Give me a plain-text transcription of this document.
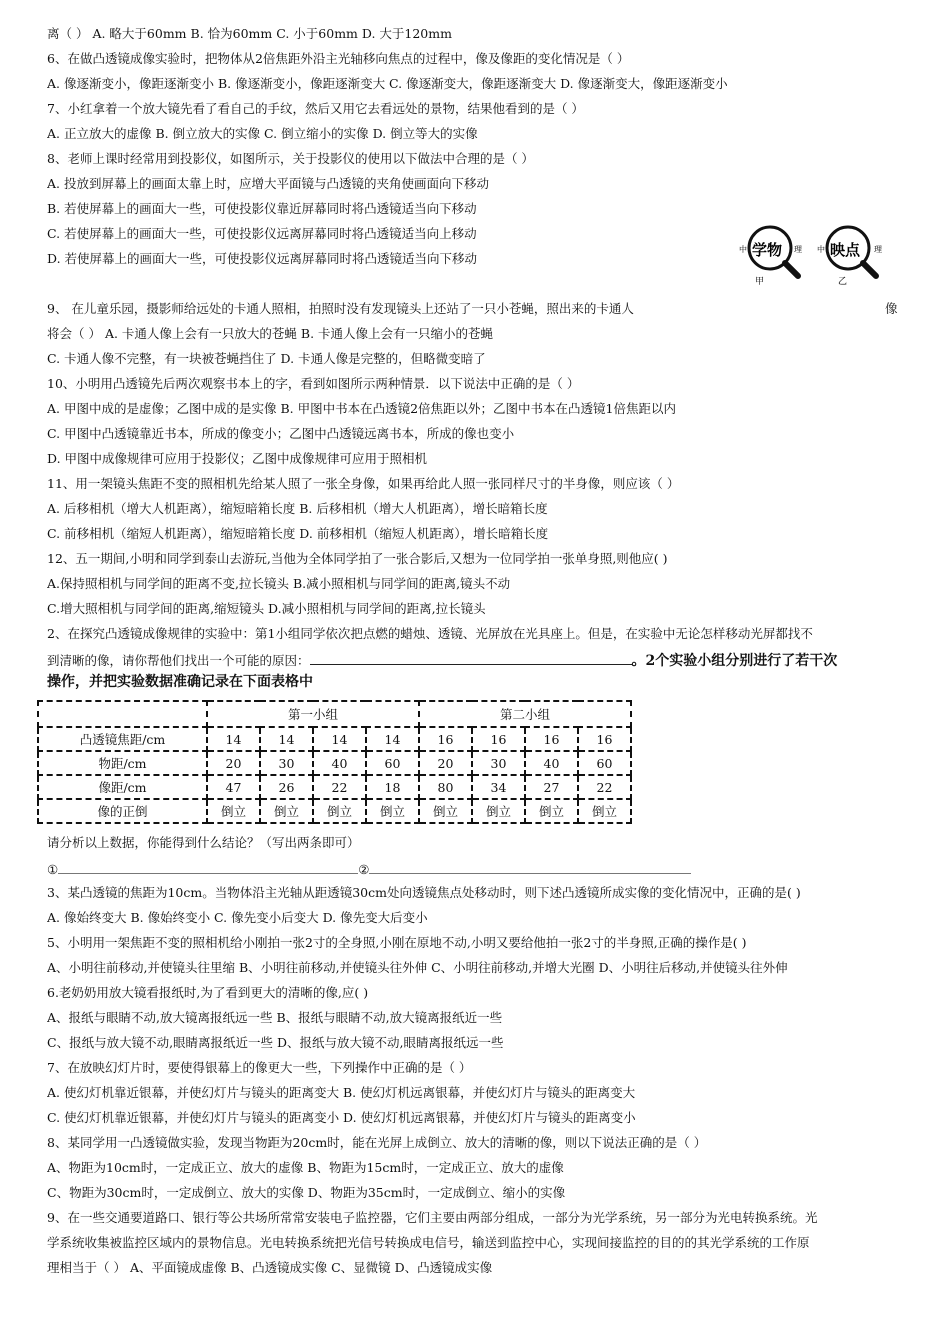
离（ ） A. 略大于60mm B. 恰为60mm C. 小于60mm D. 大于120mm
6、在做凸透镜成像实验时，把物体从2倍焦距外沿主光轴移向焦点的过程中，像及像距的变化情况是（ ）
A. 像逐渐变小，像距逐渐变小 B. 像逐渐变小，像距逐渐变大 C. 像逐渐变大，像距逐渐变大 D. 像逐渐变大，像距逐渐变小
7、小红拿着一个放大镜先看了看自己的手纹，然后又用它去看远处的景物，结果他看到的是（ ）
A. 正立放大的虚像 B. 倒立放大的实像 C. 倒立缩小的实像 D. 倒立等大的实像
8、老师上课时经常用到投影仪，如图所示，关于投影仪的使用以下做法中合理的是（ ）
A. 投放到屏幕上的画面太靠上时，应增大平面镜与凸透镜的夹角使画面向下移动
B. 若使屏幕上的画面大一些，可使投影仪靠近屏幕同时将凸透镜适当向下移动
C. 若使屏幕上的画面大一些，可使投影仪远离屏幕同时将凸透镜适当向上移动
D. 若使屏幕上的画面大一些，可使投影仪远离屏幕同时将凸透镜适当向下移动
中 学物 理
甲
中 映点 理
乙
9、 在儿童乐园，摄影师给远处的卡通人照相，拍照时没有发现镜头上还站了一只小苍蝇，照出来的卡通人	像
将会（ ） A. 卡通人像上会有一只放大的苍蝇 B. 卡通人像上会有一只缩小的苍蝇
C. 卡通人像不完整，有一块被苍蝇挡住了 D. 卡通人像是完整的，但略微变暗了
10、小明用凸透镜先后两次观察书本上的字，看到如图所示两种情景．以下说法中正确的是（ ）
A. 甲图中成的是虚像；乙图中成的是实像 B. 甲图中书本在凸透镜2倍焦距以外；乙图中书本在凸透镜1倍焦距以内
C. 甲图中凸透镜靠近书本，所成的像变小；乙图中凸透镜远离书本，所成的像也变小
D. 甲图中成像规律可应用于投影仪；乙图中成像规律可应用于照相机
11、用一架镜头焦距不变的照相机先给某人照了一张全身像，如果再给此人照一张同样尺寸的半身像，则应该（ ）
A. 后移相机（增大人机距离），缩短暗箱长度 B. 后移相机（增大人机距离），增长暗箱长度
C. 前移相机（缩短人机距离），缩短暗箱长度 D. 前移相机（缩短人机距离），增长暗箱长度
12、五一期间,小明和同学到泰山去游玩,当他为全体同学拍了一张合影后,又想为一位同学拍一张单身照,则他应( )
A.保持照相机与同学间的距离不变,拉长镜头 B.减小照相机与同学间的距离,镜头不动
C.增大照相机与同学间的距离,缩短镜头 D.减小照相机与同学间的距离,拉长镜头
2、在探究凸透镜成像规律的实验中：第1小组同学依次把点燃的蜡烛、透镜、光屏放在光具座上。但是，在实验中无论怎样移动光屏都找不
到清晰的像，请你帮他们找出一个可能的原因：	。2个实验小组分别进行了若干次
操作，并把实验数据准确记录在下面表格中
	第一小组				第二小组			
凸透镜焦距/cm	14	14	14	14	16	16	16	16
物距/cm	20	30	40	60	20	30	40	60
像距/cm	47	26	22	18	80	34	27	22
像的正倒	倒立	倒立	倒立	倒立	倒立	倒立	倒立	倒立
请分析以上数据，你能得到什么结论？（写出两条即可）
①	②
3、某凸透镜的焦距为10cm。当物体沿主光轴从距透镜30cm处向透镜焦点处移动时，则下述凸透镜所成实像的变化情况中，正确的是( )
A. 像始终变大 B. 像始终变小 C. 像先变小后变大 D. 像先变大后变小
5、小明用一架焦距不变的照相机给小刚拍一张2寸的全身照,小刚在原地不动,小明又要给他拍一张2寸的半身照,正确的操作是( )
A、小明往前移动,并使镜头往里缩 B、小明往前移动,并使镜头往外伸 C、小明往前移动,并增大光圈 D、小明往后移动,并使镜头往外伸
6.老奶奶用放大镜看报纸时,为了看到更大的清晰的像,应( )
A、报纸与眼睛不动,放大镜离报纸远一些 B、报纸与眼睛不动,放大镜离报纸近一些
C、报纸与放大镜不动,眼睛离报纸近一些 D、报纸与放大镜不动,眼睛离报纸远一些
7、在放映幻灯片时，要使得银幕上的像更大一些，下列操作中正确的是（ ）
A. 使幻灯机靠近银幕，并使幻灯片与镜头的距离变大 B. 使幻灯机远离银幕，并使幻灯片与镜头的距离变大
C. 使幻灯机靠近银幕，并使幻灯片与镜头的距离变小 D. 使幻灯机远离银幕，并使幻灯片与镜头的距离变小
8、某同学用一凸透镜做实验，发现当物距为20cm时，能在光屏上成倒立、放大的清晰的像，则以下说法正确的是（ ）
A、物距为10cm时，一定成正立、放大的虚像 B、物距为15cm时，一定成正立、放大的虚像
C、物距为30cm时，一定成倒立、放大的实像 D、物距为35cm时，一定成倒立、缩小的实像
9、在一些交通要道路口、银行等公共场所常常安装电子监控器，它们主要由两部分组成，一部分为光学系统，另一部分为光电转换系统。光
学系统收集被监控区域内的景物信息。光电转换系统把光信号转换成电信号，输送到监控中心，实现间接监控的目的的其光学系统的工作原
理相当于（ ） A、平面镜成虚像 B、凸透镜成实像 C、显微镜 D、凸透镜成实像
